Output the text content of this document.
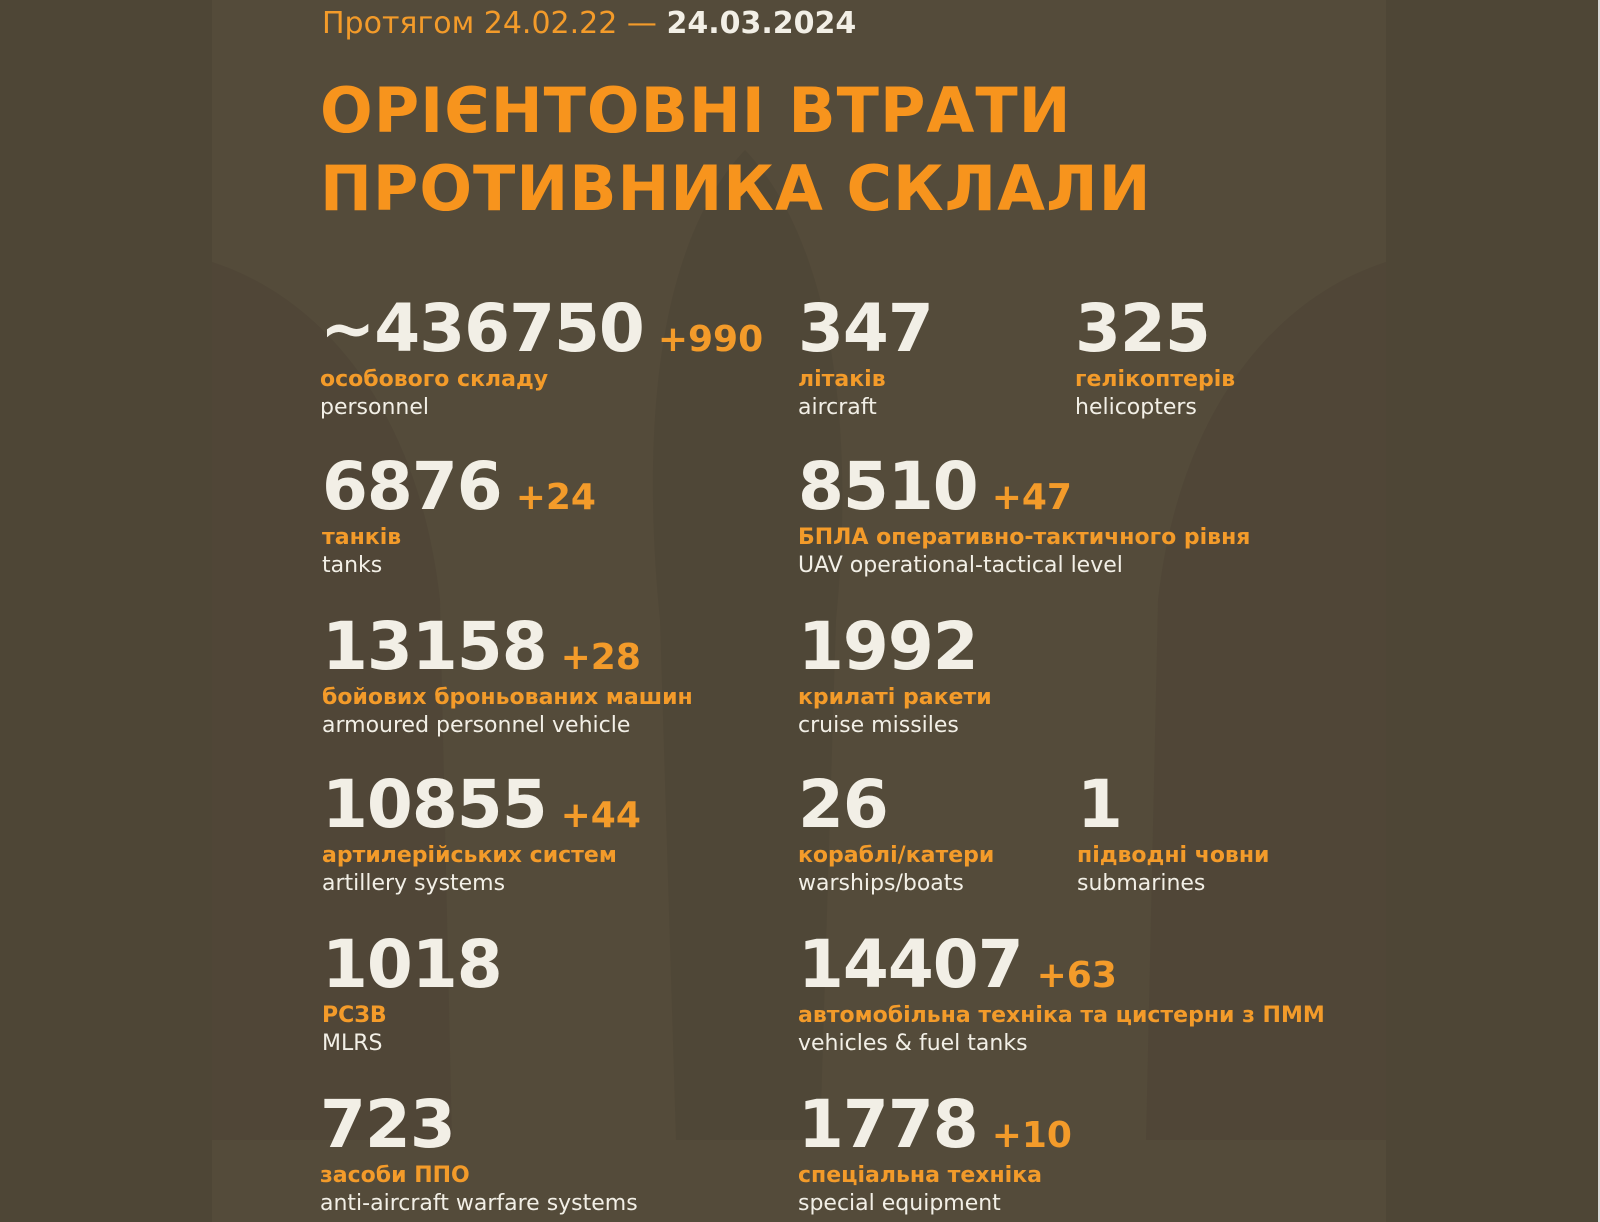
Протягом 24.02.22 — 24.03.2024
ОРІЄНТОВНІ ВТРАТИ
ПРОТИВНИКА СКЛАЛИ
~436750 +990
особового складу
personnel
6876 +24
танків
tanks
13158 +28
бойових броньованих машин
armoured personnel vehicle
10855 +44
артилерійських систем
artillery systems
1018
РСЗВ
MLRS
723
засоби ППО
anti-aircraft warfare systems
347
літаків
aircraft
325
гелікоптерів
helicopters
8510 +47
БПЛА оперативно-тактичного рівня
UAV operational-tactical level
1992
крилаті ракети
cruise missiles
26
кораблі/катери
warships/boats
1
підводні човни
submarines
14407 +63
автомобільна техніка та цистерни з ПММ
vehicles & fuel tanks
1778 +10
спеціальна техніка
special equipment
